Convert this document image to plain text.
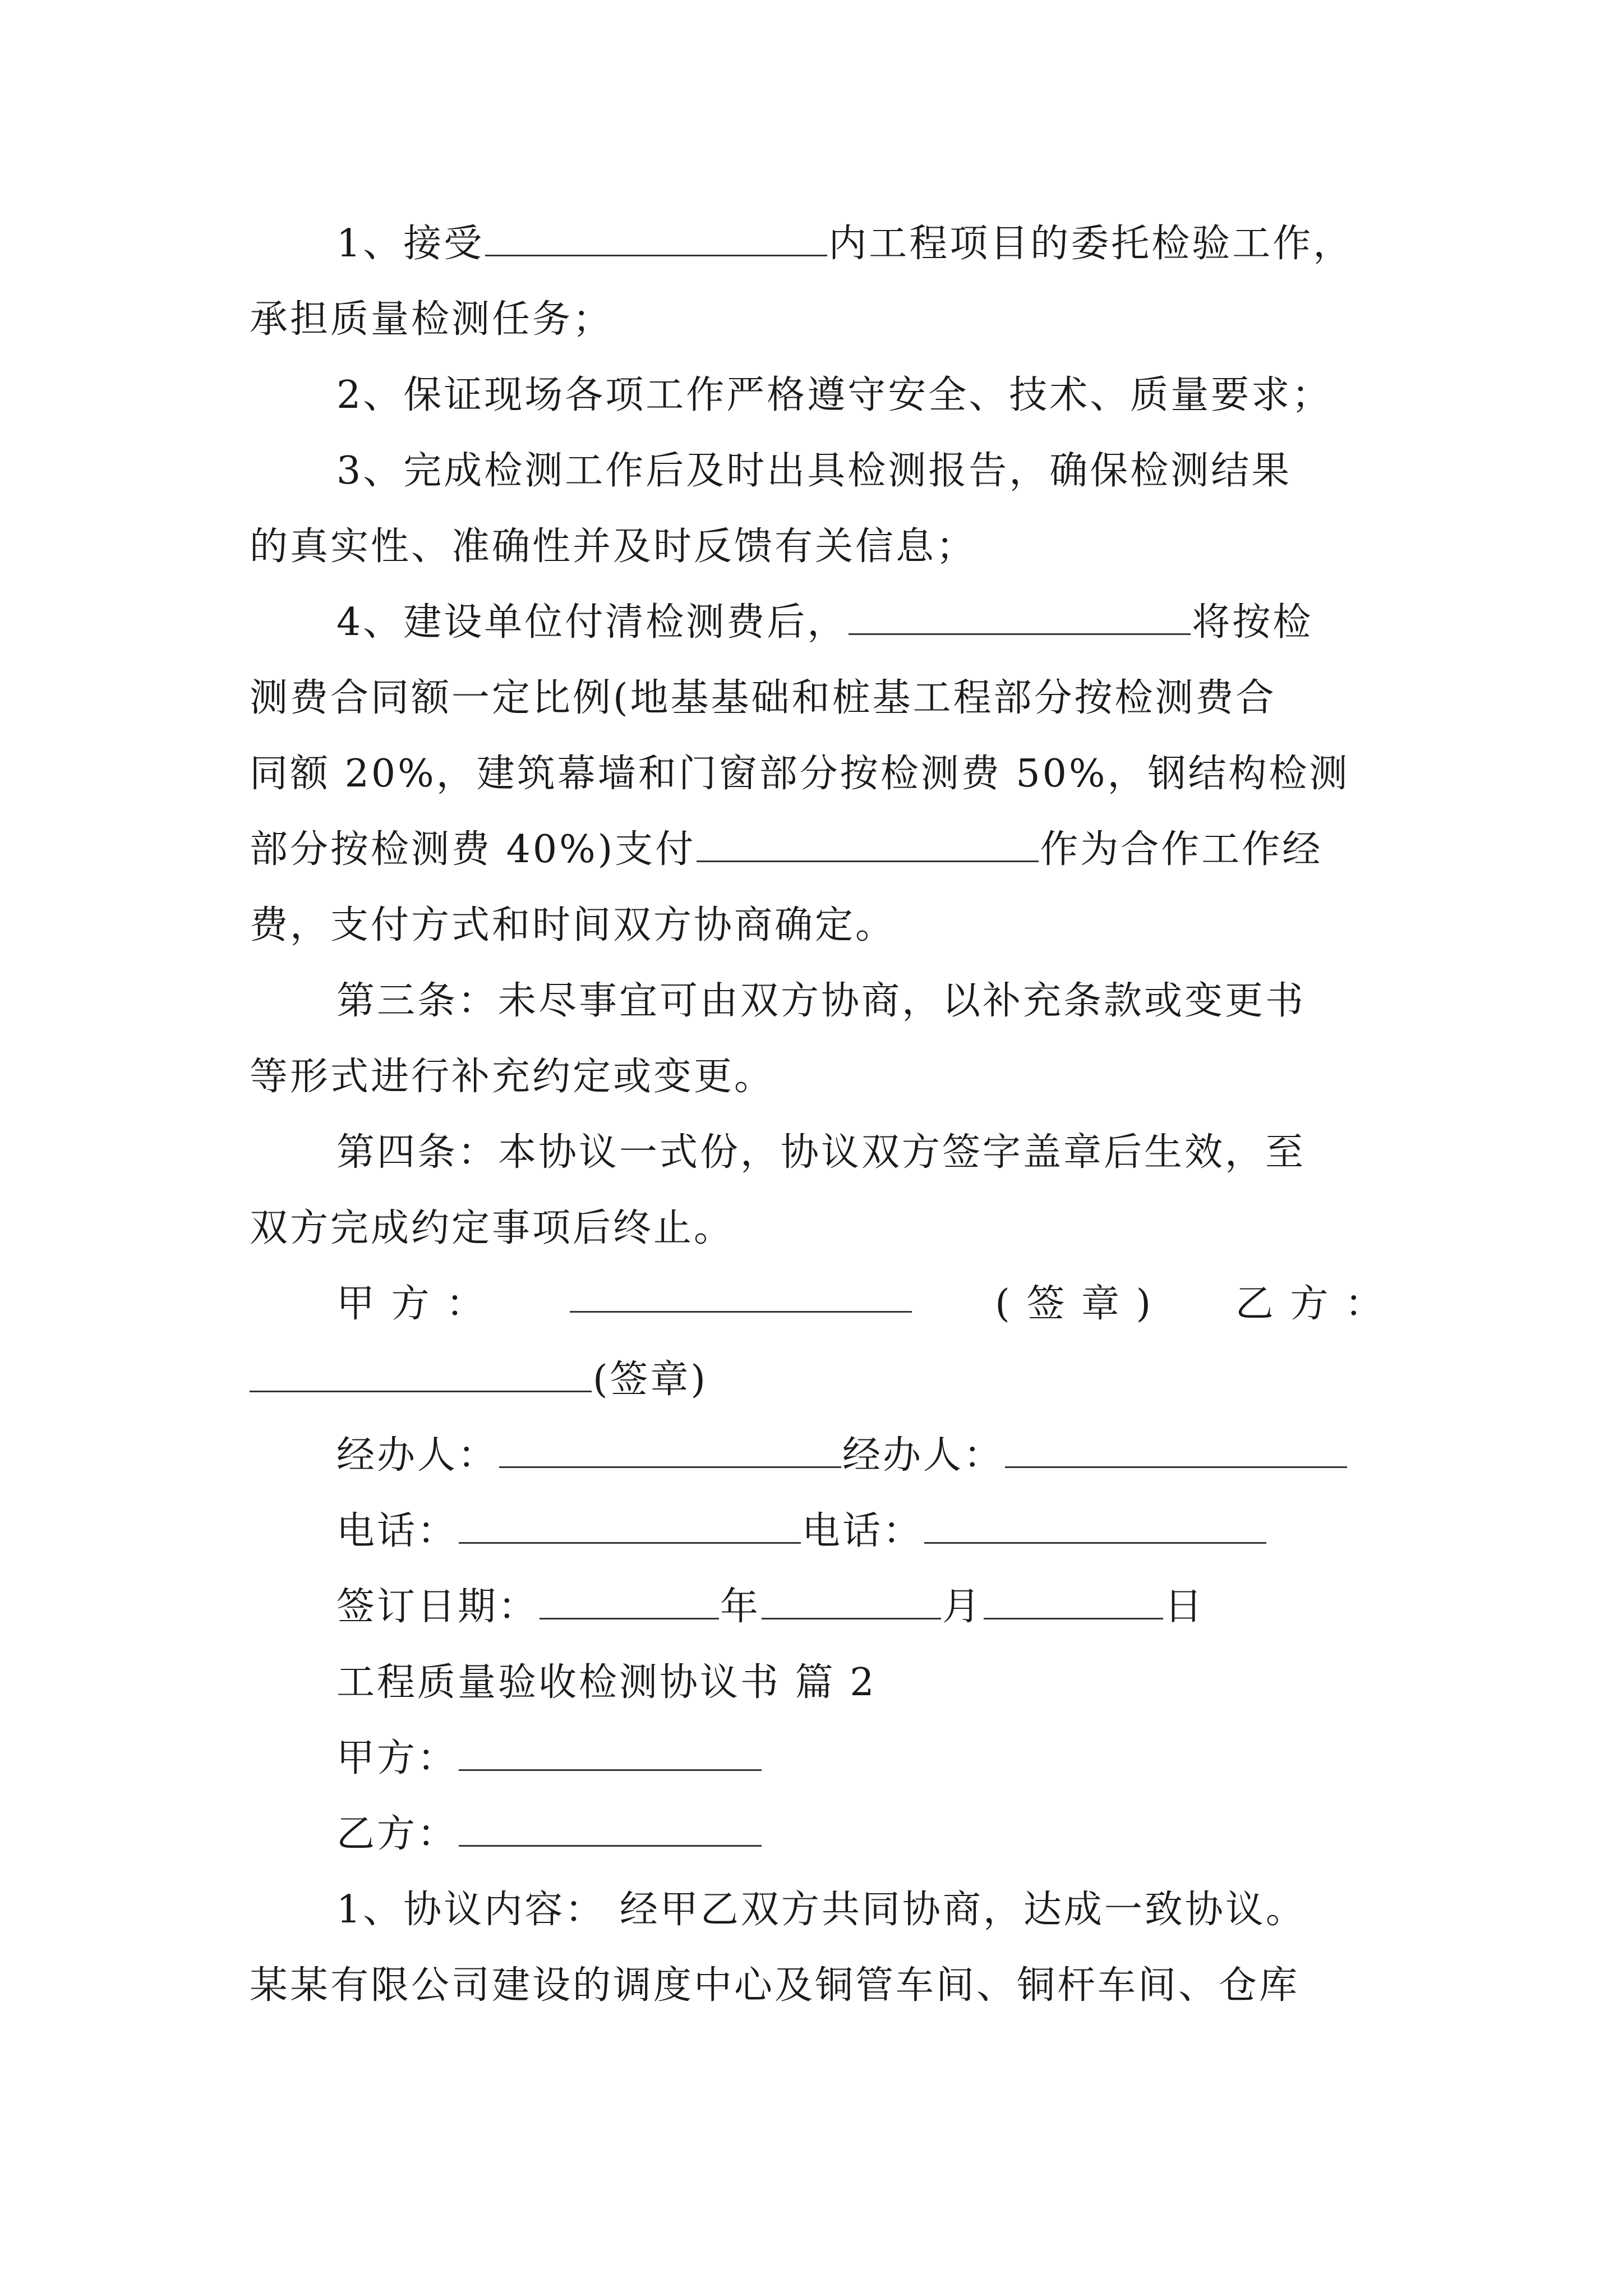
1、接受	内工程项目的委托检验工作，
承担质量检测任务；
2、保证现场各项工作严格遵守安全、技术、质量要求；
3、完成检测工作后及时出具检测报告，确保检测结果
的真实性、准确性并及时反馈有关信息；
4、建设单位付清检测费后，	将按检
测费合同额一定比例(地基基础和桩基工程部分按检测费合
同额 20%，建筑幕墙和门窗部分按检测费 50%，钢结构检测
部分按检测费 40%)支付	作为合作工作经
费，支付方式和时间双方协商确定。
第三条：未尽事宜可由双方协商，以补充条款或变更书
等形式进行补充约定或变更。
第四条：本协议一式份，协议双方签字盖章后生效，至
双方完成约定事项后终止。
甲 方 ：	( 签 章 ) 乙 方 ：
(签章)
经办人：	经办人：
电话：	电话：
签订日期：	年	月	日
工程质量验收检测协议书 篇 2
甲方：
乙方：
1、协议内容： 经甲乙双方共同协商，达成一致协议。
某某有限公司建设的调度中心及铜管车间、铜杆车间、仓库
